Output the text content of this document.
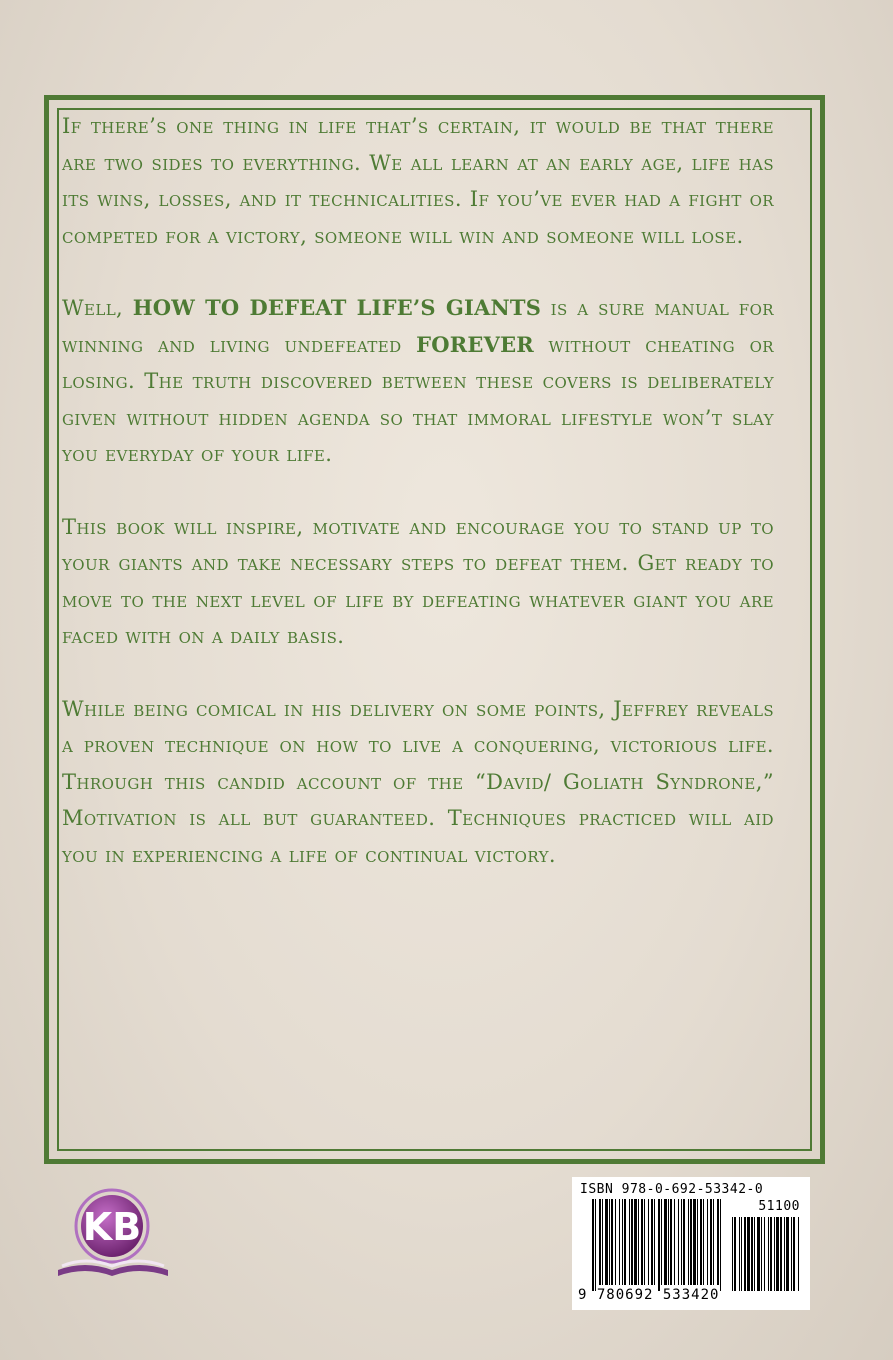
If there’s one thing in life that’s certain, it would be that there are two sides to everything. We all learn at an early age, life has its wins, losses, and it technicalities. If you’ve ever had a fight or competed for a victory, someone will win and someone will lose.

Well, HOW TO DEFEAT LIFE’S GIANTS is a sure manual for winning and living undefeated FOREVER without cheating or losing. The truth discovered between these covers is deliberately given without hidden agenda so that immoral lifestyle won’t slay you everyday of your life.

This book will inspire, motivate and encourage you to stand up to your giants and take necessary steps to defeat them. Get ready to move to the next level of life by defeating whatever giant you are faced with on a daily basis.

While being comical in his delivery on some points, Jeffrey reveals a proven technique on how to live a conquering, victorious life. Through this candid account of the “David/ Goliath Syndrone,” Motivation is all but guaranteed. Techniques practiced will aid you in experiencing a life of continual victory.

KB
ISBN 978-0-692-53342-0
51100
9 780692 533420
